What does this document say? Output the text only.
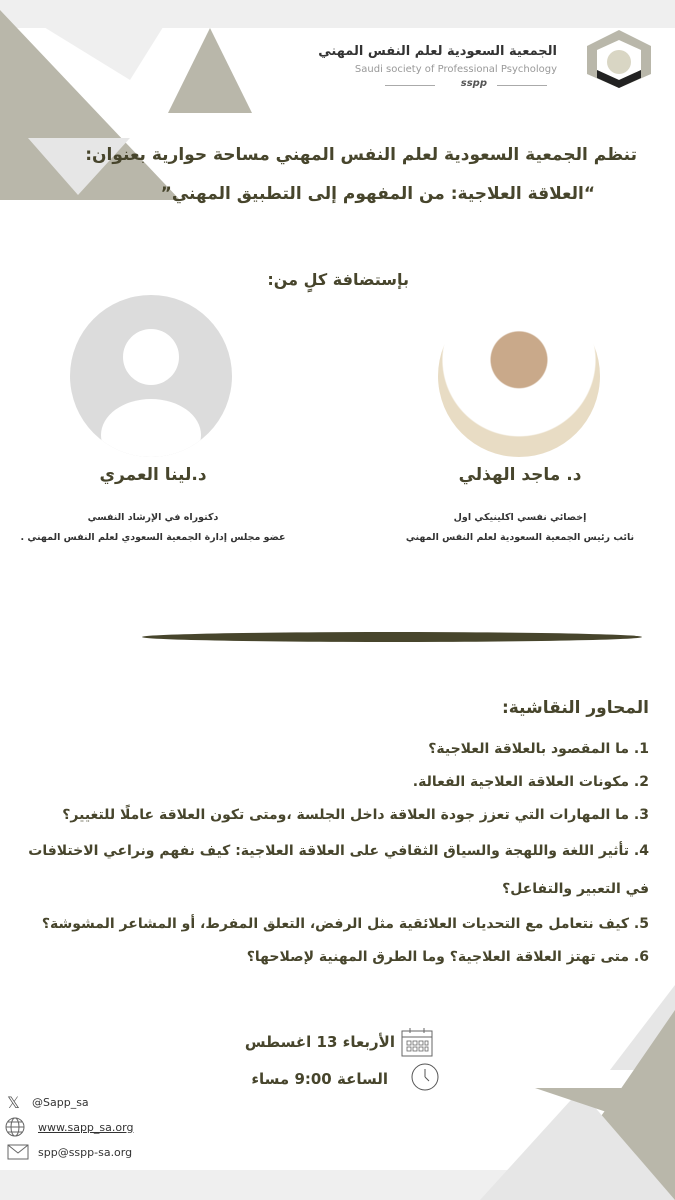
الجمعية السعودية لعلم النفس المهني
Saudi society of Professional Psychology
sspp
تنظم الجمعية السعودية لعلم النفس المهني مساحة حوارية بعنوان:
“العلاقة العلاجية: من المفهوم إلى التطبيق المهني”
بإستضافة كلٍ من:
د. ماجد الهذلي
إخصائي نفسي اكلينيكي اول
نائب رئيس الجمعية السعودية لعلم النفس المهني
د.لينا العمري
دكتوراه في الإرشاد النفسي
عضو مجلس إدارة الجمعية السعودي لعلم النفس المهني .
المحاور النقاشية:
1. ما المقصود بالعلاقة العلاجية؟
2. مكونات العلاقة العلاجية الفعالة.
3. ما المهارات التي تعزز جودة العلاقة داخل الجلسة ،ومتى تكون العلاقة عاملًا للتغيير؟
4. تأثير اللغة واللهجة والسياق الثقافي على العلاقة العلاجية: كيف نفهم ونراعي الاختلافات في التعبير والتفاعل؟
5. كيف نتعامل مع التحديات العلائقية مثل الرفض، التعلق المفرط، أو المشاعر المشوشة؟
6. متى تهتز العلاقة العلاجية؟ وما الطرق المهنية لإصلاحها؟
الأربعاء 13 اغسطس
الساعة 9:00 مساء
𝕏 @Sapp_sa
www.sapp_sa.org
spp@sspp-sa.org
